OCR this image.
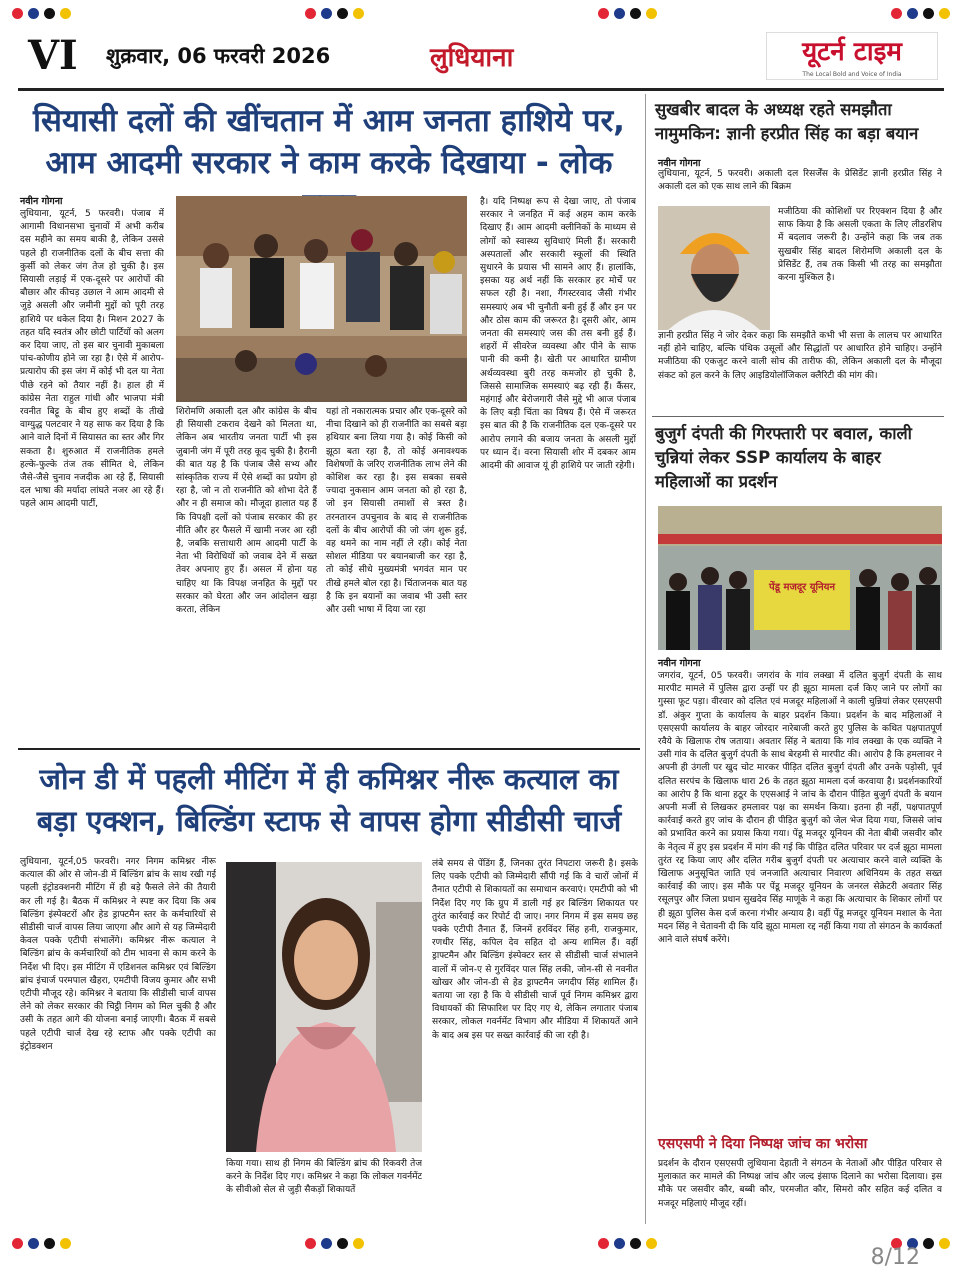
VI शुक्रवार, 06 फरवरी 2026	लुधियाना	यूटर्न टाइम
The Local Bold and Voice of India
सियासी दलों की खींचतान में आम जनता हाशिये पर,
आम आदमी सरकार ने काम करके दिखाया - लोक
नवीन गोगना
लुधियाना, यूटर्न, 5 फरवरी। पंजाब में आगामी विधानसभा चुनावों में अभी करीब दस महीने का समय बाकी है, लेकिन उससे पहले ही राजनीतिक दलों के बीच सत्ता की कुर्सी को लेकर जंग तेज हो चुकी है। इस सियासी लड़ाई में एक-दूसरे पर आरोपों की बौछार और कीचड़ उछाल ने आम आदमी से जुड़े असली और जमीनी मुद्दों को पूरी तरह हाशिये पर धकेल दिया है। मिशन 2027 के तहत यदि स्वतंत्र और छोटी पार्टियों को अलग कर दिया जाए, तो इस बार चुनावी मुकाबला पांच-कोणीय होने जा रहा है। ऐसे में आरोप-प्रत्यारोप की इस जंग में कोई भी दल या नेता पीछे रहने को तैयार नहीं है। हाल ही में कांग्रेस नेता राहुल गांधी और भाजपा मंत्री रवनीत बिट्टू के बीच हुए शब्दों के तीखे वाग्युद्ध पलटवार ने यह साफ कर दिया है कि आने वाले दिनों में सियासत का स्तर और गिर सकता है। शुरुआत में राजनीतिक हमले हल्के-फुल्के तंज तक सीमित थे, लेकिन जैसे-जैसे चुनाव नजदीक आ रहे हैं, सियासी दल भाषा की मर्यादा लांघते नजर आ रहे हैं। पहले आम आदमी पार्टी,
शिरोमणि अकाली दल और कांग्रेस के बीच ही सियासी टकराव देखने को मिलता था, लेकिन अब भारतीय जनता पार्टी भी इस जुबानी जंग में पूरी तरह कूद चुकी है। हैरानी की बात यह है कि पंजाब जैसे सभ्य और सांस्कृतिक राज्य में ऐसे शब्दों का प्रयोग हो रहा है, जो न तो राजनीति को शोभा देते हैं और न ही समाज को। मौजूदा हालात यह हैं कि विपक्षी दलों को पंजाब सरकार की हर नीति और हर फैसले में खामी नजर आ रही है, जबकि सत्ताधारी आम आदमी पार्टी के नेता भी विरोधियों को जवाब देने में सख्त तेवर अपनाए हुए हैं। असल में होना यह चाहिए था कि विपक्ष जनहित के मुद्दों पर सरकार को घेरता और जन आंदोलन खड़ा करता, लेकिन
यहां तो नकारात्मक प्रचार और एक-दूसरे को नीचा दिखाने को ही राजनीति का सबसे बड़ा हथियार बना लिया गया है। कोई किसी को झूठा बता रहा है, तो कोई अनावश्यक विशेषणों के जरिए राजनीतिक लाभ लेने की कोशिश कर रहा है। इस सबका सबसे ज्यादा नुकसान आम जनता को हो रहा है, जो इन सियासी तमाशों से त्रस्त है। तरनतारन उपचुनाव के बाद से राजनीतिक दलों के बीच आरोपों की जो जंग शुरू हुई, वह थमने का नाम नहीं ले रही। कोई नेता सोशल मीडिया पर बयानबाजी कर रहा है, तो कोई सीधे मुख्यमंत्री भगवंत मान पर तीखे हमले बोल रहा है। चिंताजनक बात यह है कि इन बयानों का जवाब भी उसी स्तर और उसी भाषा में दिया जा रहा
है। यदि निष्पक्ष रूप से देखा जाए, तो पंजाब सरकार ने जनहित में कई अहम काम करके दिखाए हैं। आम आदमी क्लीनिकों के माध्यम से लोगों को स्वास्थ्य सुविधाएं मिली हैं। सरकारी अस्पतालों और सरकारी स्कूलों की स्थिति सुधारने के प्रयास भी सामने आए हैं। हालांकि, इसका यह अर्थ नहीं कि सरकार हर मोर्चे पर सफल रही है। नशा, गैंगस्टरवाद जैसी गंभीर समस्याएं अब भी चुनौती बनी हुई हैं और इन पर और ठोस काम की जरूरत है। दूसरी ओर, आम जनता की समस्याएं जस की तस बनी हुई हैं। शहरों में सीवरेज व्यवस्था और पीने के साफ पानी की कमी है। खेती पर आधारित ग्रामीण अर्थव्यवस्था बुरी तरह कमजोर हो चुकी है, जिससे सामाजिक समस्याएं बढ़ रही हैं। कैंसर, महंगाई और बेरोजगारी जैसे मुद्दे भी आज पंजाब के लिए बड़ी चिंता का विषय हैं। ऐसे में जरूरत इस बात की है कि राजनीतिक दल एक-दूसरे पर आरोप लगाने की बजाय जनता के असली मुद्दों पर ध्यान दें। वरना सियासी शोर में दबकर आम आदमी की आवाज यूं ही हाशिये पर जाती रहेगी।
जोन डी में पहली मीटिंग में ही कमिश्नर नीरू कत्याल का
बड़ा एक्शन, बिल्डिंग स्टाफ से वापस होगा सीडीसी चार्ज
लुधियाना, यूटर्न,05 फरवरी। नगर निगम कमिश्नर नीरू कत्याल की ओर से जोन-डी में बिल्डिंग ब्रांच के साथ रखी गई पहली इंट्रोडक्शनरी मीटिंग में ही बड़े फैसले लेने की तैयारी कर ली गई है। बैठक में कमिश्नर ने स्पष्ट कर दिया कि अब बिल्डिंग इंस्पेक्टरों और हेड ड्राफ्टमैन स्तर के कर्मचारियों से सीडीसी चार्ज वापस लिया जाएगा और आगे से यह जिम्मेदारी केवल पक्के एटीपी संभालेंगे। कमिश्नर नीरू कत्याल ने बिल्डिंग ब्रांच के कर्मचारियों को टीम भावना से काम करने के निर्देश भी दिए। इस मीटिंग में एडिशनल कमिश्नर एवं बिल्डिंग ब्रांच इंचार्ज परमपाल खैहरा, एमटीपी विजय कुमार और सभी एटीपी मौजूद रहे। कमिश्नर ने बताया कि सीडीसी चार्ज वापस लेने को लेकर सरकार की चिट्ठी निगम को मिल चुकी है और उसी के तहत आगे की योजना बनाई जाएगी। बैठक में सबसे पहले एटीपी चार्ज देख रहे स्टाफ और पक्के एटीपी का इंट्रोडक्शन
किया गया। साथ ही निगम की बिल्डिंग ब्रांच की रिकवरी तेज करने के निर्देश दिए गए। कमिश्नर ने कहा कि लोकल गवर्नमेंट के सीवीओ सेल से जुड़ी सैकड़ों शिकायतें
लंबे समय से पेंडिंग हैं, जिनका तुरंत निपटारा जरूरी है। इसके लिए पक्के एटीपी को जिम्मेदारी सौंपी गई कि वे चारों जोनों में तैनात एटीपी से शिकायतों का समाधान करवाएं। एमटीपी को भी निर्देश दिए गए कि ग्रुप में डाली गई हर बिल्डिंग शिकायत पर तुरंत कार्रवाई कर रिपोर्ट दी जाए। नगर निगम में इस समय छह पक्के एटीपी तैनात हैं, जिनमें हरविंदर सिंह हनी, राजकुमार, रणधीर सिंह, कपिल देव सहित दो अन्य शामिल हैं। वहीं ड्राफ्टमैन और बिल्डिंग इंस्पेक्टर स्तर से सीडीसी चार्ज संभालने वालों में जोन-ए से गुरविंदर पाल सिंह लकी, जोन-सी से नवनीत खोखर और जोन-डी से हेड ड्राफ्टमैन जगदीप सिंह शामिल हैं। बताया जा रहा है कि ये सीडीसी चार्ज पूर्व निगम कमिश्नर द्वारा विधायकों की सिफारिश पर दिए गए थे, लेकिन लगातार पंजाब सरकार, लोकल गवर्नमेंट विभाग और मीडिया में शिकायतें आने के बाद अब इस पर सख्त कार्रवाई की जा रही है।
सुखबीर बादल के अध्यक्ष रहते समझौता
नामुमकिन: ज्ञानी हरप्रीत सिंह का बड़ा बयान
नवीन गोगना
लुधियाना, यूटर्न, 5 फरवरी। अकाली दल रिसर्जेंस के प्रेसिडेंट ज्ञानी हरप्रीत सिंह ने अकाली दल को एक साथ लाने की बिक्रम
मजीठिया की कोशिशों पर रिएक्शन दिया है और साफ किया है कि असली एकता के लिए लीडरशिप में बदलाव जरूरी है। उन्होंने कहा कि जब तक सुखबीर सिंह बादल शिरोमणि अकाली दल के प्रेसिडेंट हैं, तब तक किसी भी तरह का समझौता करना मुश्किल है।
ज्ञानी हरप्रीत सिंह ने जोर देकर कहा कि समझौते कभी भी सत्ता के लालच पर आधारित नहीं होने चाहिए, बल्कि पंथिक उसूलों और सिद्धांतों पर आधारित होने चाहिए। उन्होंने मजीठिया की एकजुट करने वाली सोच की तारीफ की, लेकिन अकाली दल के मौजूदा संकट को हल करने के लिए आइडियोलॉजिकल क्लैरिटी की मांग की।
बुजुर्ग दंपती की गिरफ्तारी पर बवाल, काली
चुन्नियां लेकर SSP कार्यालय के बाहर
महिलाओं का प्रदर्शन
पेंडू मजदूर यूनियन
नवीन गोगना
जगरांव, यूटर्न, 05 फरवरी। जगरांव के गांव लक्खा में दलित बुजुर्ग दंपती के साथ मारपीट मामले में पुलिस द्वारा उन्हीं पर ही झूठा मामला दर्ज किए जाने पर लोगों का गुस्सा फूट पड़ा। वीरवार को दलित एवं मजदूर महिलाओं ने काली चुन्नियां लेकर एसएसपी डॉ. अंकुर गुप्ता के कार्यालय के बाहर प्रदर्शन किया। प्रदर्शन के बाद महिलाओं ने एसएसपी कार्यालय के बाहर जोरदार नारेबाजी करते हुए पुलिस के कथित पक्षपातपूर्ण रवैये के खिलाफ रोष जताया। अवतार सिंह ने बताया कि गांव लक्खा के एक व्यक्ति ने उसी गांव के दलित बुजुर्ग दंपती के साथ बेरहमी से मारपीट की। आरोप है कि हमलावर ने अपनी ही उंगली पर खुद चोट मारकर पीड़ित दलित बुजुर्ग दंपती और उनके पड़ोसी, पूर्व दलित सरपंच के खिलाफ धारा 26 के तहत झूठा मामला दर्ज करवाया है। प्रदर्शनकारियों का आरोप है कि थाना हठूर के एएसआई ने जांच के दौरान पीड़ित बुजुर्ग दंपती के बयान अपनी मर्जी से लिखकर हमलावर पक्ष का समर्थन किया। इतना ही नहीं, पक्षपातपूर्ण कार्रवाई करते हुए जांच के दौरान ही पीड़ित बुजुर्ग को जेल भेज दिया गया, जिससे जांच को प्रभावित करने का प्रयास किया गया। पेंडू मजदूर यूनियन की नेता बीबी जसवीर कौर के नेतृत्व में हुए इस प्रदर्शन में मांग की गई कि पीड़ित दलित परिवार पर दर्ज झूठा मामला तुरंत रद्द किया जाए और दलित गरीब बुजुर्ग दंपती पर अत्याचार करने वाले व्यक्ति के खिलाफ अनुसूचित जाति एवं जनजाति अत्याचार निवारण अधिनियम के तहत सख्त कार्रवाई की जाए। इस मौके पर पेंडू मजदूर यूनियन के जनरल सेक्रेटरी अवतार सिंह रसूलपुर और जिला प्रधान सुखदेव सिंह माणूंके ने कहा कि अत्याचार के शिकार लोगों पर ही झूठा पुलिस केस दर्ज करना गंभीर अन्याय है। वहीं पेंडू मजदूर यूनियन मशाल के नेता मदन सिंह ने चेतावनी दी कि यदि झूठा मामला रद्द नहीं किया गया तो संगठन के कार्यकर्ता आने वाले संघर्ष करेंगे।
एसएसपी ने दिया निष्पक्ष जांच का भरोसा
प्रदर्शन के दौरान एसएसपी लुधियाना देहाती ने संगठन के नेताओं और पीड़ित परिवार से मुलाकात कर मामले की निष्पक्ष जांच और जल्द इंसाफ दिलाने का भरोसा दिलाया। इस मौके पर जसवीर कौर, बब्बी कौर, परमजीत कौर, सिमरो कौर सहित कई दलित व मजदूर महिलाएं मौजूद रहीं।
8/12
